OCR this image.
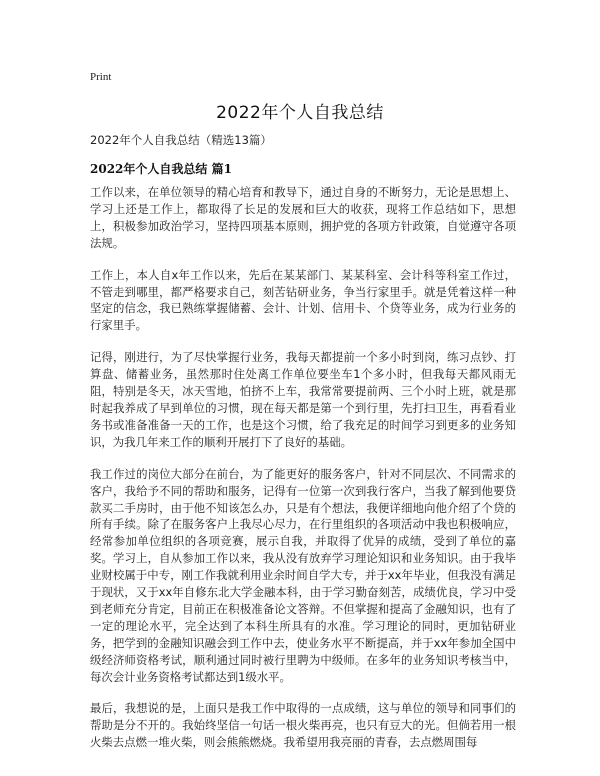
Print
2022年个人自我总结
2022年个人自我总结（精选13篇）
2022年个人自我总结 篇1

工作以来，在单位领导的精心培育和教导下，通过自身的不断努力，无论是思想上、学习上还是工作上，都取得了长足的发展和巨大的收获，现将工作总结如下，思想上，积极参加政治学习，坚持四项基本原则，拥护党的各项方针政策，自觉遵守各项法规。

工作上，本人自x年工作以来，先后在某某部门、某某科室、会计科等科室工作过，不管走到哪里，都严格要求自己，刻苦钻研业务，争当行家里手。就是凭着这样一种坚定的信念，我已熟练掌握储蓄、会计、计划、信用卡、个贷等业务，成为行业务的行家里手。

记得，刚进行，为了尽快掌握行业务，我每天都提前一个多小时到岗，练习点钞、打算盘、储蓄业务，虽然那时住处离工作单位要坐车1个多小时，但我每天都风雨无阻，特别是冬天，冰天雪地，怕挤不上车，我常常要提前两、三个小时上班，就是那时起我养成了早到单位的习惯，现在每天都是第一个到行里，先打扫卫生，再看看业务书或准备准备一天的工作，也是这个习惯，给了我充足的时间学习到更多的业务知识，为我几年来工作的顺利开展打下了良好的基础。

我工作过的岗位大部分在前台，为了能更好的服务客户，针对不同层次、不同需求的客户，我给予不同的帮助和服务，记得有一位第一次到我行客户，当我了解到他要贷款买二手房时，由于他不知该怎么办，只是有个想法，我便详细地向他介绍了个贷的所有手续。除了在服务客户上我尽心尽力，在行里组织的各项活动中我也积极响应，经常参加单位组织的各项竞赛，展示自我，并取得了优异的成绩，受到了单位的嘉奖。学习上，自从参加工作以来，我从没有放弃学习理论知识和业务知识。由于我毕业财校属于中专，刚工作我就利用业余时间自学大专，并于xx年毕业，但我没有满足于现状，又于xx年自修东北大学金融本科，由于学习勤奋刻苦，成绩优良，学习中受到老师充分肯定，目前正在积极准备论文答辩。不但掌握和提高了金融知识，也有了一定的理论水平，完全达到了本科生所具有的水准。学习理论的同时，更加钻研业务，把学到的金融知识融会到工作中去，使业务水平不断提高，并于xx年参加全国中级经济师资格考试，顺利通过同时被行里聘为中级师。在多年的业务知识考核当中，每次会计业务资格考试都达到1级水平。

最后，我想说的是，上面只是我工作中取得的一点成绩，这与单位的领导和同事们的帮助是分不开的。我始终坚信一句话一根火柴再亮，也只有豆大的光。但倘若用一根火柴去点燃一堆火柴，则会熊熊燃烧。我希望用我亮丽的青春，去点燃周围每
